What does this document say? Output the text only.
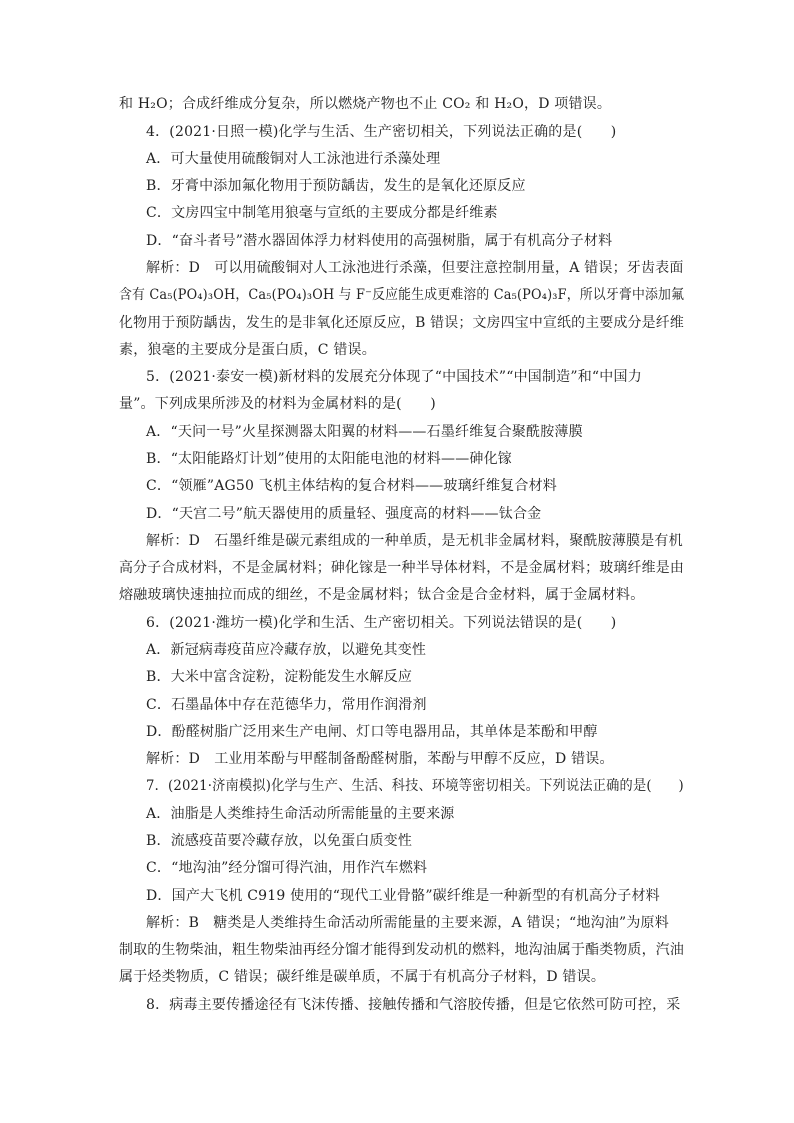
和 H₂O；合成纤维成分复杂，所以燃烧产物也不止 CO₂ 和 H₂O，D 项错误。
4．(2021·日照一模)化学与生活、生产密切相关，下列说法正确的是(　　)
A．可大量使用硫酸铜对人工泳池进行杀藻处理
B．牙膏中添加氟化物用于预防龋齿，发生的是氧化还原反应
C．文房四宝中制笔用狼毫与宣纸的主要成分都是纤维素
D．“奋斗者号”潜水器固体浮力材料使用的高强树脂，属于有机高分子材料
解析：D　可以用硫酸铜对人工泳池进行杀藻，但要注意控制用量，A 错误；牙齿表面
含有 Ca₅(PO₄)₃OH，Ca₅(PO₄)₃OH 与 F⁻反应能生成更难溶的 Ca₅(PO₄)₃F，所以牙膏中添加氟
化物用于预防龋齿，发生的是非氧化还原反应，B 错误；文房四宝中宣纸的主要成分是纤维
素，狼毫的主要成分是蛋白质，C 错误。
5．(2021·泰安一模)新材料的发展充分体现了“中国技术”“中国制造”和“中国力
量”。下列成果所涉及的材料为金属材料的是(　　)
A．“天问一号”火星探测器太阳翼的材料——石墨纤维复合聚酰胺薄膜
B．“太阳能路灯计划”使用的太阳能电池的材料——砷化镓
C．“领雁”AG50 飞机主体结构的复合材料——玻璃纤维复合材料
D．“天宫二号”航天器使用的质量轻、强度高的材料——钛合金
解析：D　石墨纤维是碳元素组成的一种单质，是无机非金属材料，聚酰胺薄膜是有机
高分子合成材料，不是金属材料；砷化镓是一种半导体材料，不是金属材料；玻璃纤维是由
熔融玻璃快速抽拉而成的细丝，不是金属材料；钛合金是合金材料，属于金属材料。
6．(2021·潍坊一模)化学和生活、生产密切相关。下列说法错误的是(　　)
A．新冠病毒疫苗应冷藏存放，以避免其变性
B．大米中富含淀粉，淀粉能发生水解反应
C．石墨晶体中存在范德华力，常用作润滑剂
D．酚醛树脂广泛用来生产电闸、灯口等电器用品，其单体是苯酚和甲醇
解析：D　工业用苯酚与甲醛制备酚醛树脂，苯酚与甲醇不反应，D 错误。
7．(2021·济南模拟)化学与生产、生活、科技、环境等密切相关。下列说法正确的是(　　)
A．油脂是人类维持生命活动所需能量的主要来源
B．流感疫苗要冷藏存放，以免蛋白质变性
C．“地沟油”经分馏可得汽油，用作汽车燃料
D．国产大飞机 C919 使用的“现代工业骨骼”碳纤维是一种新型的有机高分子材料
解析：B　糖类是人类维持生命活动所需能量的主要来源，A 错误；“地沟油”为原料
制取的生物柴油，粗生物柴油再经分馏才能得到发动机的燃料，地沟油属于酯类物质，汽油
属于烃类物质，C 错误；碳纤维是碳单质，不属于有机高分子材料，D 错误。
8．病毒主要传播途径有飞沫传播、接触传播和气溶胶传播，但是它依然可防可控，采
